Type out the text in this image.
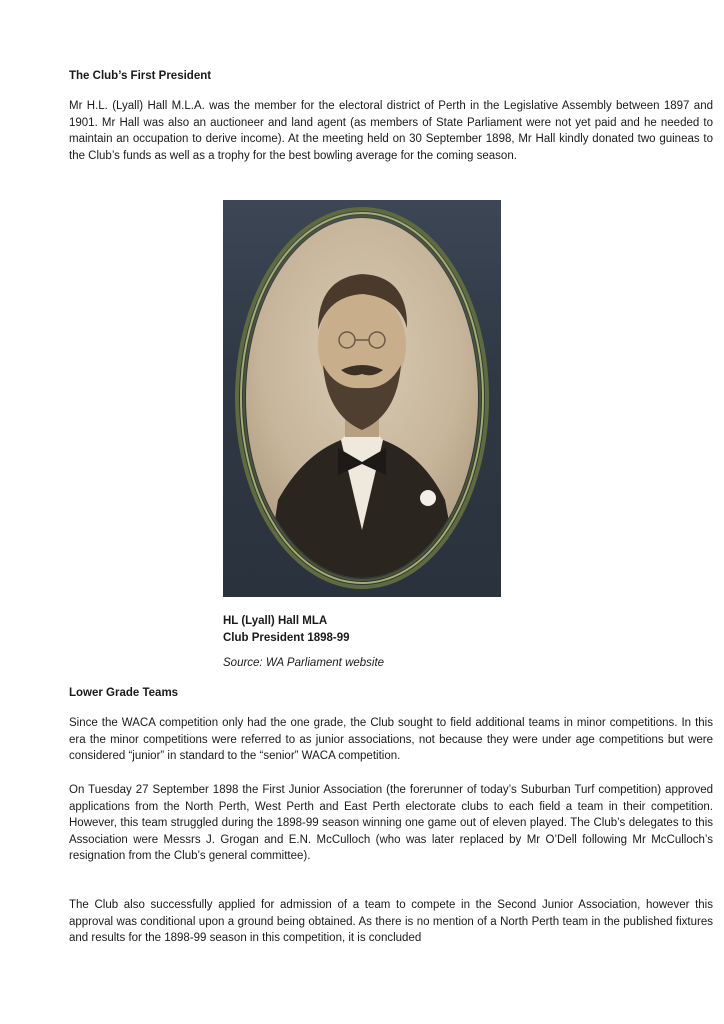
The Club’s First President

Mr H.L. (Lyall) Hall M.L.A. was the member for the electoral district of Perth in the Legislative Assembly between 1897 and 1901. Mr Hall was also an auctioneer and land agent (as members of State Parliament were not yet paid and he needed to maintain an occupation to derive income). At the meeting held on 30 September 1898, Mr Hall kindly donated two guineas to the Club’s funds as well as a trophy for the best bowling average for the coming season.

HL (Lyall) Hall MLA

Club President 1898-99

Source: WA Parliament website

Lower Grade Teams

Since the WACA competition only had the one grade, the Club sought to field additional teams in minor competitions. In this era the minor competitions were referred to as junior associations, not because they were under age competitions but were considered “junior” in standard to the “senior” WACA competition.

On Tuesday 27 September 1898 the First Junior Association (the forerunner of today’s Suburban Turf competition) approved applications from the North Perth, West Perth and East Perth electorate clubs to each field a team in their competition. However, this team struggled during the 1898-99 season winning one game out of eleven played. The Club’s delegates to this Association were Messrs J. Grogan and E.N. McCulloch (who was later replaced by Mr O’Dell following Mr McCulloch’s resignation from the Club’s general committee).

The Club also successfully applied for admission of a team to compete in the Second Junior Association, however this approval was conditional upon a ground being obtained. As there is no mention of a North Perth team in the published fixtures and results for the 1898-99 season in this competition, it is concluded
